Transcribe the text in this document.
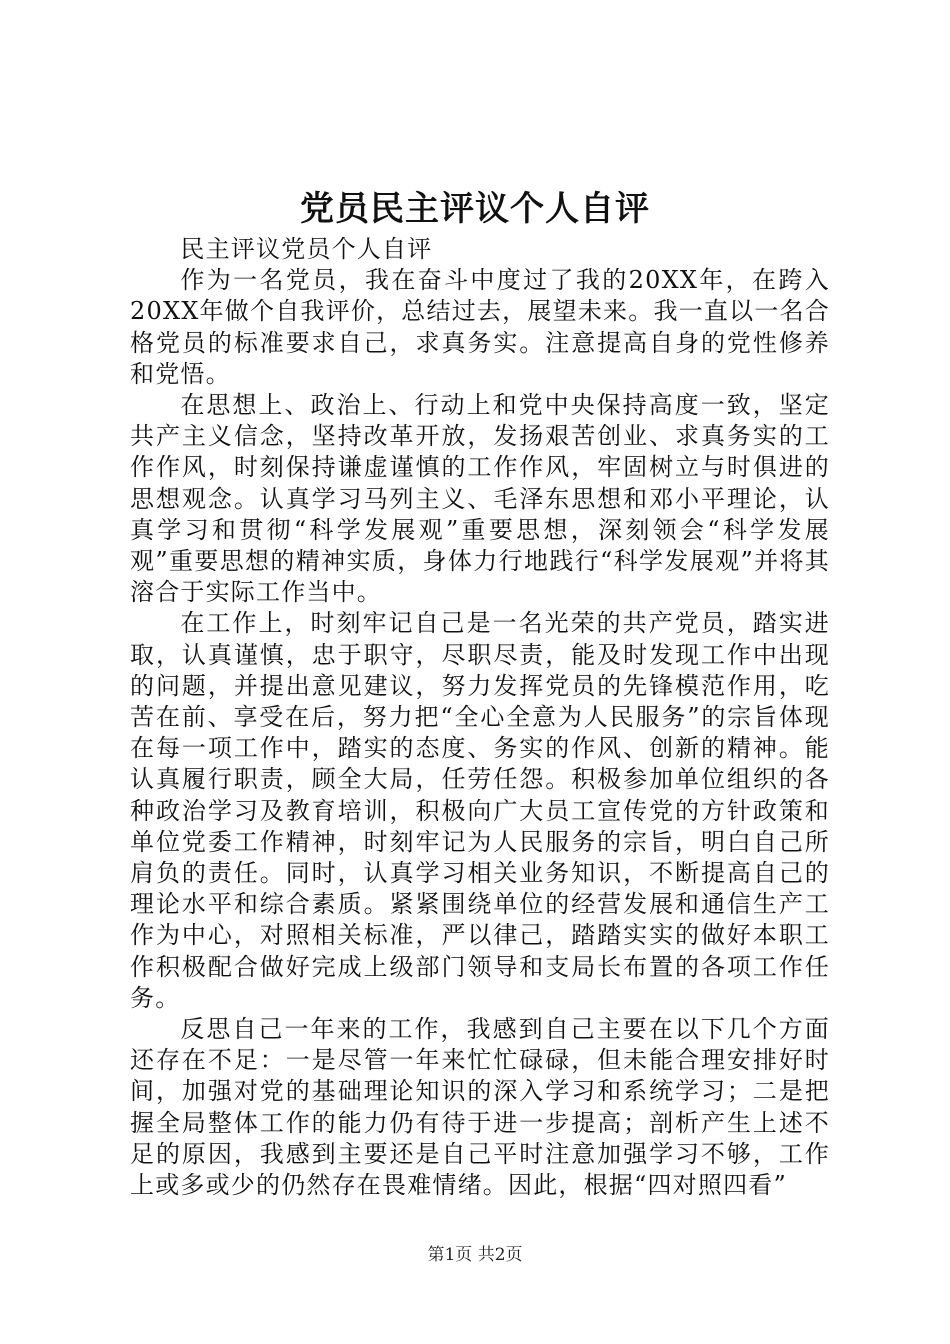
党员民主评议个人自评

民主评议党员个人自评

作为一名党员，我在奋斗中度过了我的20XX年，在跨入20XX年做个自我评价，总结过去，展望未来。我一直以一名合格党员的标准要求自己，求真务实。注意提高自身的党性修养和党悟。

在思想上、政治上、行动上和党中央保持高度一致，坚定共产主义信念，坚持改革开放，发扬艰苦创业、求真务实的工作作风，时刻保持谦虚谨慎的工作作风，牢固树立与时俱进的思想观念。认真学习马列主义、毛泽东思想和邓小平理论，认真学习和贯彻“科学发展观”重要思想，深刻领会“科学发展观”重要思想的精神实质，身体力行地践行“科学发展观”并将其溶合于实际工作当中。

在工作上，时刻牢记自己是一名光荣的共产党员，踏实进取，认真谨慎，忠于职守，尽职尽责，能及时发现工作中出现的问题，并提出意见建议，努力发挥党员的先锋模范作用，吃苦在前、享受在后，努力把“全心全意为人民服务”的宗旨体现在每一项工作中，踏实的态度、务实的作风、创新的精神。能认真履行职责，顾全大局，任劳任怨。积极参加单位组织的各种政治学习及教育培训，积极向广大员工宣传党的方针政策和单位党委工作精神，时刻牢记为人民服务的宗旨，明白自己所肩负的责任。同时，认真学习相关业务知识，不断提高自己的理论水平和综合素质。紧紧围绕单位的经营发展和通信生产工作为中心，对照相关标准，严以律己，踏踏实实的做好本职工作积极配合做好完成上级部门领导和支局长布置的各项工作任务。

反思自己一年来的工作，我感到自己主要在以下几个方面还存在不足：一是尽管一年来忙忙碌碌，但未能合理安排好时间，加强对党的基础理论知识的深入学习和系统学习；二是把握全局整体工作的能力仍有待于进一步提高；剖析产生上述不足的原因，我感到主要还是自己平时注意加强学习不够，工作上或多或少的仍然存在畏难情绪。因此，根据“四对照四看”

第1页 共2页
